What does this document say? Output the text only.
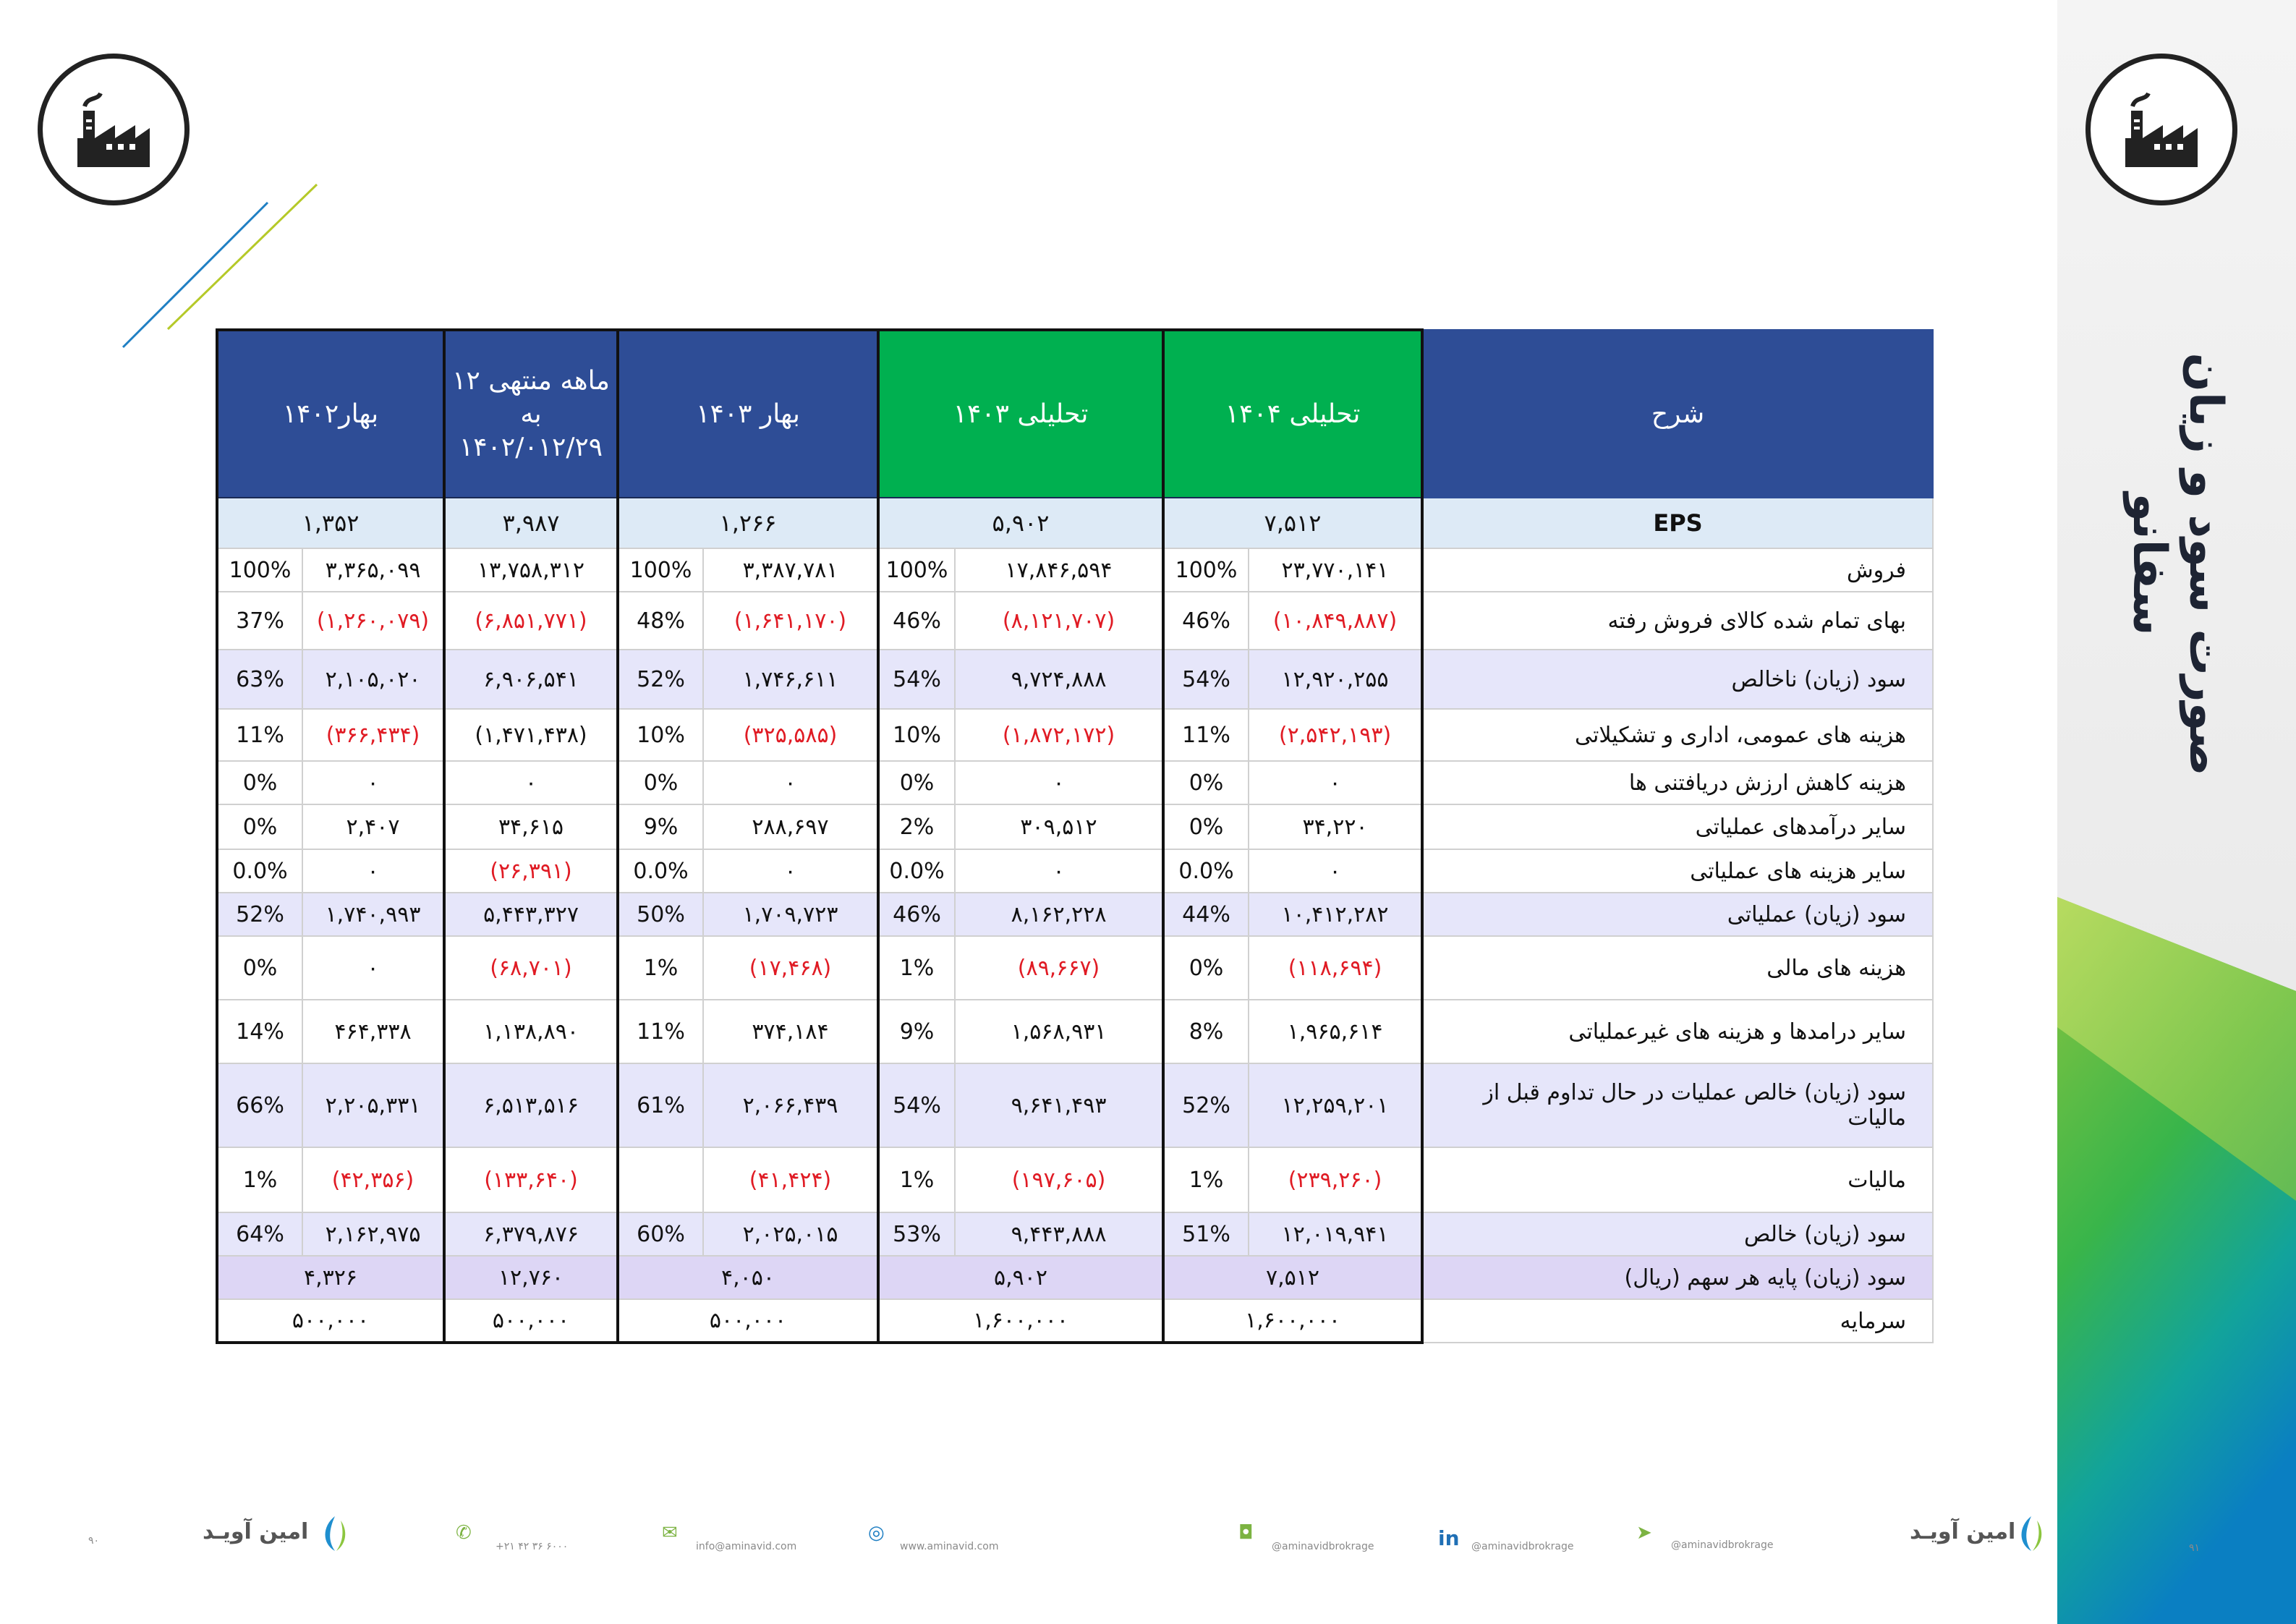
صورت سود و زیان
سفانو
بهار۱۴۰۲		۱۲ ماهه منتهی به ۱۴۰۲/۰۱۲/۲۹	بهار ۱۴۰۳		تحلیلی ۱۴۰۳		تحلیلی ۱۴۰۴		شرح
۱,۳۵۲		۳,۹۸۷	۱,۲۶۶		۵,۹۰۲		۷,۵۱۲		EPS
100%	۳,۳۶۵,۰۹۹	۱۳,۷۵۸,۳۱۲	100%	۳,۳۸۷,۷۸۱	100%	۱۷,۸۴۶,۵۹۴	100%	۲۳,۷۷۰,۱۴۱	فروش
37%	(۱,۲۶۰,۰۷۹)	(۶,۸۵۱,۷۷۱)	48%	(۱,۶۴۱,۱۷۰)	46%	(۸,۱۲۱,۷۰۷)	46%	(۱۰,۸۴۹,۸۸۷)	بهای تمام شده کالای فروش رفته
63%	۲,۱۰۵,۰۲۰	۶,۹۰۶,۵۴۱	52%	۱,۷۴۶,۶۱۱	54%	۹,۷۲۴,۸۸۸	54%	۱۲,۹۲۰,۲۵۵	سود (زیان) ناخالص
11%	(۳۶۶,۴۳۴)	(۱,۴۷۱,۴۳۸)	10%	(۳۲۵,۵۸۵)	10%	(۱,۸۷۲,۱۷۲)	11%	(۲,۵۴۲,۱۹۳)	هزینه های عمومی، اداری و تشکیلاتی
0%	۰	۰	0%	۰	0%	۰	0%	۰	هزینه کاهش ارزش دریافتنی ها
0%	۲,۴۰۷	۳۴,۶۱۵	9%	۲۸۸,۶۹۷	2%	۳۰۹,۵۱۲	0%	۳۴,۲۲۰	سایر درآمدهای عملیاتی
0.0%	۰	(۲۶,۳۹۱)	0.0%	۰	0.0%	۰	0.0%	۰	سایر هزینه های عملیاتی
52%	۱,۷۴۰,۹۹۳	۵,۴۴۳,۳۲۷	50%	۱,۷۰۹,۷۲۳	46%	۸,۱۶۲,۲۲۸	44%	۱۰,۴۱۲,۲۸۲	سود (زیان) عملیاتی
0%	۰	(۶۸,۷۰۱)	1%	(۱۷,۴۶۸)	1%	(۸۹,۶۶۷)	0%	(۱۱۸,۶۹۴)	هزینه های مالی
14%	۴۶۴,۳۳۸	۱,۱۳۸,۸۹۰	11%	۳۷۴,۱۸۴	9%	۱,۵۶۸,۹۳۱	8%	۱,۹۶۵,۶۱۴	سایر درامدها و هزینه های غیرعملیاتی
66%	۲,۲۰۵,۳۳۱	۶,۵۱۳,۵۱۶	61%	۲,۰۶۶,۴۳۹	54%	۹,۶۴۱,۴۹۳	52%	۱۲,۲۵۹,۲۰۱	سود (زیان) خالص عملیات در حال تداوم قبل از مالیات
1%	(۴۲,۳۵۶)	(۱۳۳,۶۴۰)		(۴۱,۴۲۴)	1%	(۱۹۷,۶۰۵)	1%	(۲۳۹,۲۶۰)	مالیات
64%	۲,۱۶۲,۹۷۵	۶,۳۷۹,۸۷۶	60%	۲,۰۲۵,۰۱۵	53%	۹,۴۴۳,۸۸۸	51%	۱۲,۰۱۹,۹۴۱	سود (زیان) خالص
۴,۳۲۶		۱۲,۷۶۰	۴,۰۵۰		۵,۹۰۲		۷,۵۱۲		سود (زیان) پایه هر سهم (ریال)
۵۰۰,۰۰۰		۵۰۰,۰۰۰	۵۰۰,۰۰۰		۱,۶۰۰,۰۰۰		۱,۶۰۰,۰۰۰		سرمایه
۹۰	امین آویـد	✆
+۲۱ ۴۲ ۳۶ ۶۰۰۰
✉
info@aminavid.com
◎
www.aminavid.com
◘
@aminavidbrokrage	in @aminavidbrokrage
➤
@aminavidbrokrage
امین آویـد
۹۱
